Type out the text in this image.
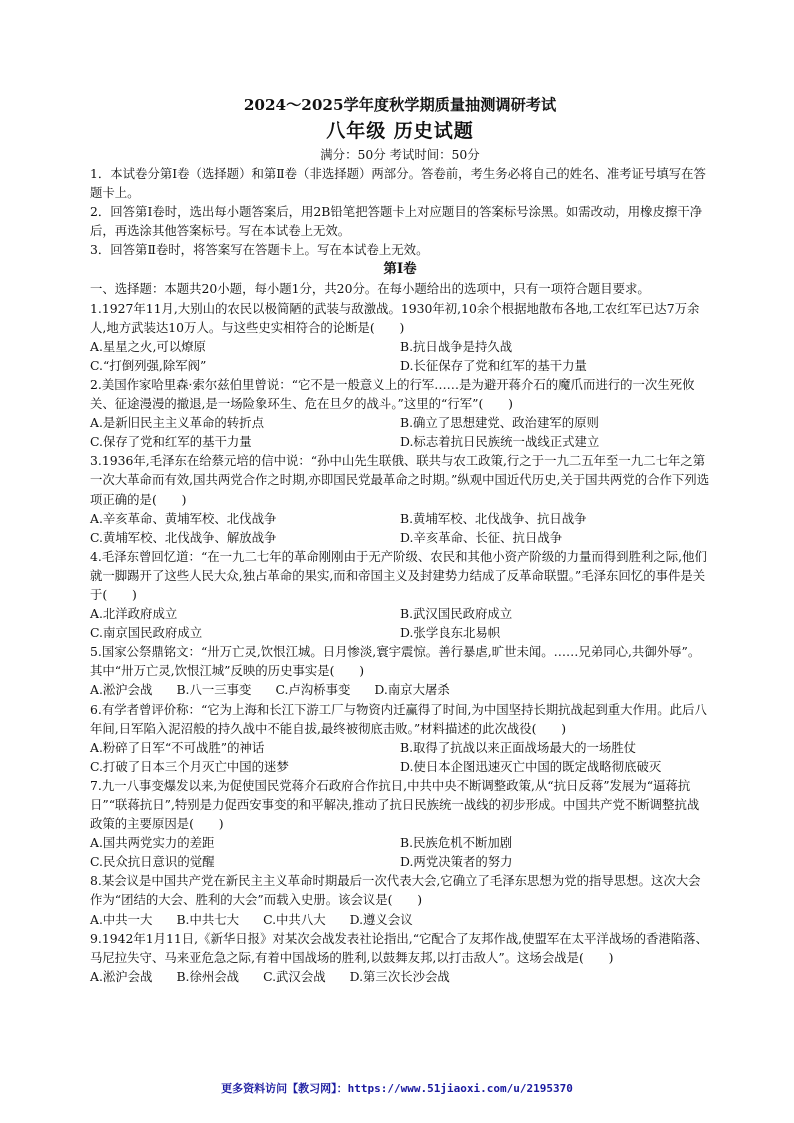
2024～2025学年度秋学期质量抽测调研考试
八年级 历史试题
满分：50分 考试时间：50分

1．本试卷分第Ⅰ卷（选择题）和第Ⅱ卷（非选择题）两部分。答卷前，考生务必将自己的姓名、准考证号填写在答题卡上。

2．回答第Ⅰ卷时，选出每小题答案后，用2B铅笔把答题卡上对应题目的答案标号涂黑。如需改动，用橡皮擦干净后，再选涂其他答案标号。写在本试卷上无效。

3．回答第Ⅱ卷时，将答案写在答题卡上。写在本试卷上无效。

第Ⅰ卷

一、选择题：本题共20小题，每小题1分，共20分。在每小题给出的选项中，只有一项符合题目要求。

1.1927年11月,大别山的农民以极简陋的武装与敌激战。1930年初,10余个根据地散布各地,工农红军已达7万余人,地方武装达10万人。与这些史实相符合的论断是(　　)

A.星星之火,可以燎原	B.抗日战争是持久战
C.“打倒列强,除军阀”	D.长征保存了党和红军的基干力量

2.美国作家哈里森·索尔兹伯里曾说：“它不是一般意义上的行军……是为避开蒋介石的魔爪而进行的一次生死攸关、征途漫漫的撤退,是一场险象环生、危在旦夕的战斗。”这里的“行军”(　　)

A.是新旧民主主义革命的转折点	B.确立了思想建党、政治建军的原则
C.保存了党和红军的基干力量	D.标志着抗日民族统一战线正式建立

3.1936年,毛泽东在给蔡元培的信中说：“孙中山先生联俄、联共与农工政策,行之于一九二五年至一九二七年之第一次大革命而有效,国共两党合作之时期,亦即国民党最革命之时期。”纵观中国近代历史,关于国共两党的合作下列选项正确的是(　　)

A.辛亥革命、黄埔军校、北伐战争	B.黄埔军校、北伐战争、抗日战争
C.黄埔军校、北伐战争、解放战争	D.辛亥革命、长征、抗日战争

4.毛泽东曾回忆道：“在一九二七年的革命刚刚由于无产阶级、农民和其他小资产阶级的力量而得到胜利之际,他们就一脚踢开了这些人民大众,独占革命的果实,而和帝国主义及封建势力结成了反革命联盟。”毛泽东回忆的事件是关于(　　)

A.北洋政府成立	B.武汉国民政府成立
C.南京国民政府成立	D.张学良东北易帜

5.国家公祭鼎铭文：“卅万亡灵,饮恨江城。日月惨淡,寰宇震惊。善行暴虐,旷世未闻。……兄弟同心,共御外辱”。其中“卅万亡灵,饮恨江城”反映的历史事实是(　　)

A.淞沪会战 B.八一三事变 C.卢沟桥事变 D.南京大屠杀

6.有学者曾评价称：“它为上海和长江下游工厂与物资内迁赢得了时间,为中国坚持长期抗战起到重大作用。此后八年间,日军陷入泥沼般的持久战中不能自拔,最终被彻底击败。”材料描述的此次战役(　　)

A.粉碎了日军“不可战胜”的神话	B.取得了抗战以来正面战场最大的一场胜仗
C.打破了日本三个月灭亡中国的迷梦	D.使日本企图迅速灭亡中国的既定战略彻底破灭

7.九一八事变爆发以来,为促使国民党蒋介石政府合作抗日,中共中央不断调整政策,从“抗日反蒋”发展为“逼蒋抗日”“联蒋抗日”,特别是力促西安事变的和平解决,推动了抗日民族统一战线的初步形成。中国共产党不断调整抗战政策的主要原因是(　　)

A.国共两党实力的差距	B.民族危机不断加剧
C.民众抗日意识的觉醒	D.两党决策者的努力

8.某会议是中国共产党在新民主主义革命时期最后一次代表大会,它确立了毛泽东思想为党的指导思想。这次大会作为“团结的大会、胜利的大会”而载入史册。该会议是(　　)

A.中共一大 B.中共七大 C.中共八大 D.遵义会议

9.1942年1月11日,《新华日报》对某次会战发表社论指出,“它配合了友邦作战,使盟军在太平洋战场的香港陷落、马尼拉失守、马来亚危急之际,有着中国战场的胜利,以鼓舞友邦,以打击敌人”。这场会战是(　　)

A.淞沪会战 B.徐州会战 C.武汉会战 D.第三次长沙会战
更多资料访问【教习网】：https://www.51jiaoxi.com/u/2195370
